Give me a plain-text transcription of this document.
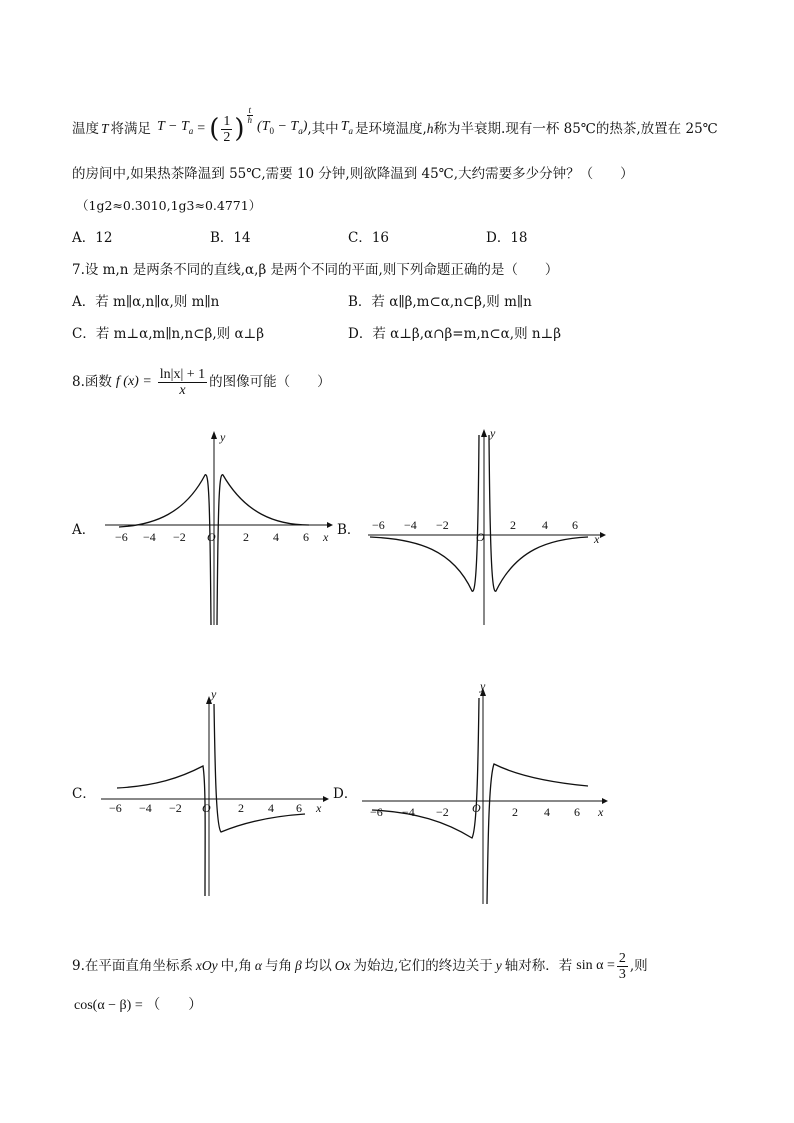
温度 T 将满足 $T - T_a$ = ( $\frac{1}{2}$ ) $\frac{t}{h}$
$(T_0 - T_a)$ ,其中 $T_a$ 是环境温度, h 称为半衰期.现有一杯 85℃的热茶,放置在 25℃
的房间中,如果热茶降温到 55℃,需要 10 分钟,则欲降温到 45℃,大约需要多少分钟？（　　）
（1g2≈0.3010,1g3≈0.4771）
A．12	B．14	C．16	D．18
7.设 m,n 是两条不同的直线,α,β 是两个不同的平面,则下列命题正确的是（　　）
A．若 m∥α,n∥α,则 m∥n	B．若 α∥β,m⊂α,n⊂β,则 m∥n
C．若 m⊥α,m∥n,n⊂β,则 α⊥β	D．若 α⊥β,α∩β=m,n⊂α,则 n⊥β
8.函数 f $(x) = \frac{\ln|x| + 1}{x}$ 的图像可能（　　）
A．	B．
C．	D．
−6 −4 −2 O 2 4 6 x
y
−6 −4 −2
O
2 4 6
x
y
−6 −4 −2 O 2 4 6 x
y
−6 −4 −2 O	2 4 6 x
y
9.在平面直角坐标系 xOy 中,角 α 与角 β 均以 Ox 为始边,它们的终边关于 y 轴对称．若 $\sin \alpha = \frac{2}{3}$ ,则
cos(α − β) = （　　）
